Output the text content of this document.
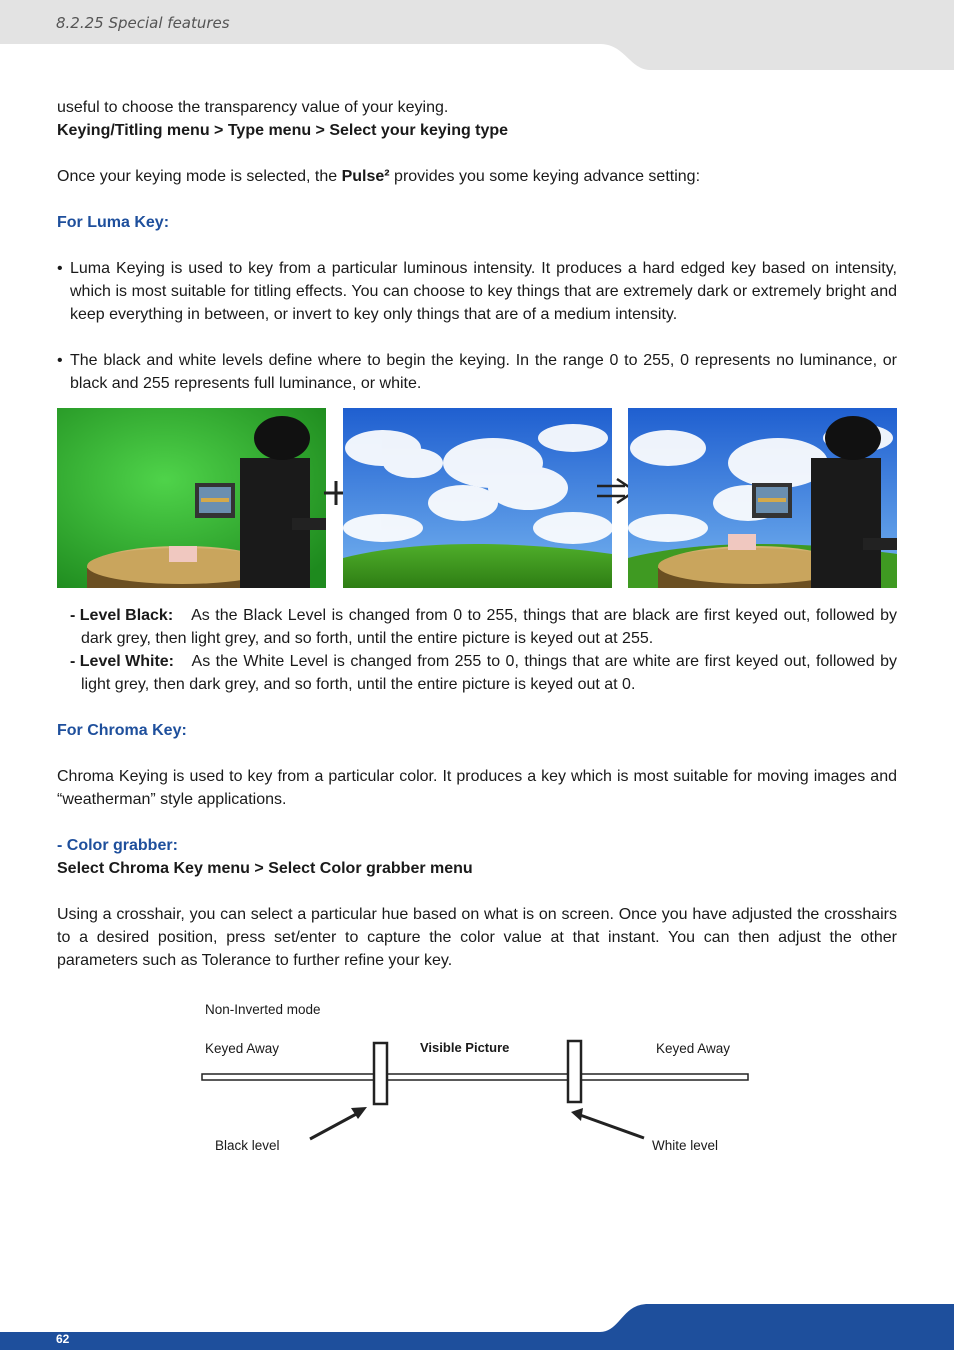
8.2.25 Special features

useful to choose the transparency value of your keying.

Keying/Titling menu > Type menu > Select your keying type

Once your keying mode is selected, the Pulse² provides you some keying advance setting:

For Luma Key:

• Luma Keying is used to key from a particular luminous intensity. It produces a hard edged key based on intensity, which is most suitable for titling effects. You can choose to key things that are extremely dark or extremely bright and keep everything in between, or invert to key only things that are of a medium intensity.
• The black and white levels define where to begin the keying. In the range 0 to 255, 0 represents no luminance, or black and 255 represents full luminance, or white.
- Level Black: As the Black Level is changed from 0 to 255, things that are black are first keyed out, followed by dark grey, then light grey, and so forth, until the entire picture is keyed out at 255.
- Level White: As the White Level is changed from 255 to 0, things that are white are first keyed out, followed by light grey, then dark grey, and so forth, until the entire picture is keyed out at 0.

For Chroma Key:

Chroma Keying is used to key from a particular color. It produces a key which is most suitable for moving images and “weatherman” style applications.

- Color grabber:

Select Chroma Key menu > Select Color grabber menu

Using a crosshair, you can select a particular hue based on what is on screen. Once you have adjusted the crosshairs to a desired position, press set/enter to capture the color value at that instant. You can then adjust the other parameters such as Tolerance to further refine your key.

Non-Inverted mode
Keyed Away	Visible Picture	Keyed Away
Black level	White level
62
